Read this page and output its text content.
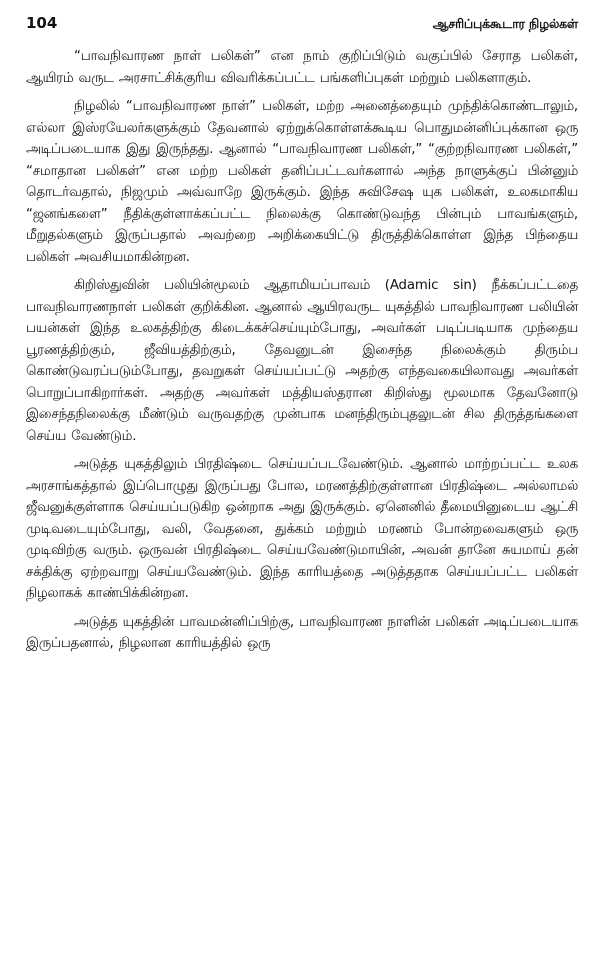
104	ஆசரிப்புக்கூடார நிழல்கள்

“பாவநிவாரண நாள் பலிகள்” என நாம் குறிப்பிடும் வகுப்பில் சேராத பலிகள், ஆயிரம் வருட அரசாட்சிக்குரிய விவரிக்கப்பட்ட பங்களிப்புகள் மற்றும் பலிகளாகும்.

நிழலில் “பாவநிவாரண நாள்” பலிகள், மற்ற அனைத்தையும் முந்திக்கொண்டாலும், எல்லா இஸ்ரயேலர்களுக்கும் தேவனால் ஏற்றுக்கொள்ளக்கூடிய பொதுமன்னிப்புக்கான ஒரு அடிப்படையாக இது இருந்தது. ஆனால் “பாவநிவாரண பலிகள்,” “குற்றநிவாரண பலிகள்,” “சமாதான பலிகள்” என மற்ற பலிகள் தனிப்பட்டவர்களால் அந்த நாளுக்குப் பின்னும் தொடர்வதால், நிஜமும் அவ்வாறே இருக்கும். இந்த சுவிசேஷ யுக பலிகள், உலகமாகிய “ஜனங்களை” நீதிக்குள்ளாக்கப்பட்ட நிலைக்கு கொண்டுவந்த பின்பும் பாவங்களும், மீறுதல்களும் இருப்பதால் அவற்றை அறிக்கையிட்டு திருத்திக்கொள்ள இந்த பிந்தைய பலிகள் அவசியமாகின்றன.

கிறிஸ்துவின் பலியின்மூலம் ஆதாமியப்பாவம் (Adamic sin) நீக்கப்பட்டதை பாவநிவாரணநாள் பலிகள் குறிக்கின. ஆனால் ஆயிரவருட யுகத்தில் பாவநிவாரண பலியின் பயன்கள் இந்த உலகத்திற்கு கிடைக்கச்செய்யும்போது, அவர்கள் படிப்படியாக முந்தைய பூரணத்திற்கும், ஜீவியத்திற்கும், தேவனுடன் இசைந்த நிலைக்கும் திரும்ப கொண்டுவரப்படும்போது, தவறுகள் செய்யப்பட்டு அதற்கு எந்தவகையிலாவது அவர்கள் பொறுப்பாகிறார்கள். அதற்கு அவர்கள் மத்தியஸ்தரான கிறிஸ்து மூலமாக தேவனோடு இசைந்தநிலைக்கு மீண்டும் வருவதற்கு முன்பாக மனந்திரும்புதலுடன் சில திருத்தங்களை செய்ய வேண்டும்.

அடுத்த யுகத்திலும் பிரதிஷ்டை செய்யப்படவேண்டும். ஆனால் மாற்றப்பட்ட உலக அரசாங்கத்தால் இப்பொழுது இருப்பது போல, மரணத்திற்குள்ளான பிரதிஷ்டை அல்லாமல் ஜீவனுக்குள்ளாக செய்யப்படுகிற ஒன்றாக அது இருக்கும். ஏனெனில் தீமையினுடைய ஆட்சி முடிவடையும்போது, வலி, வேதனை, துக்கம் மற்றும் மரணம் போன்றவைகளும் ஒரு முடிவிற்கு வரும். ஒருவன் பிரதிஷ்டை செய்யவேண்டுமாயின், அவன் தானே சுயமாய் தன் சக்திக்கு ஏற்றவாறு செய்யவேண்டும். இந்த காரியத்தை அடுத்ததாக செய்யப்பட்ட பலிகள் நிழலாகக் காண்பிக்கின்றன.

அடுத்த யுகத்தின் பாவமன்னிப்பிற்கு, பாவநிவாரண நாளின் பலிகள் அடிப்படையாக இருப்பதனால், நிழலான காரியத்தில் ஒரு
